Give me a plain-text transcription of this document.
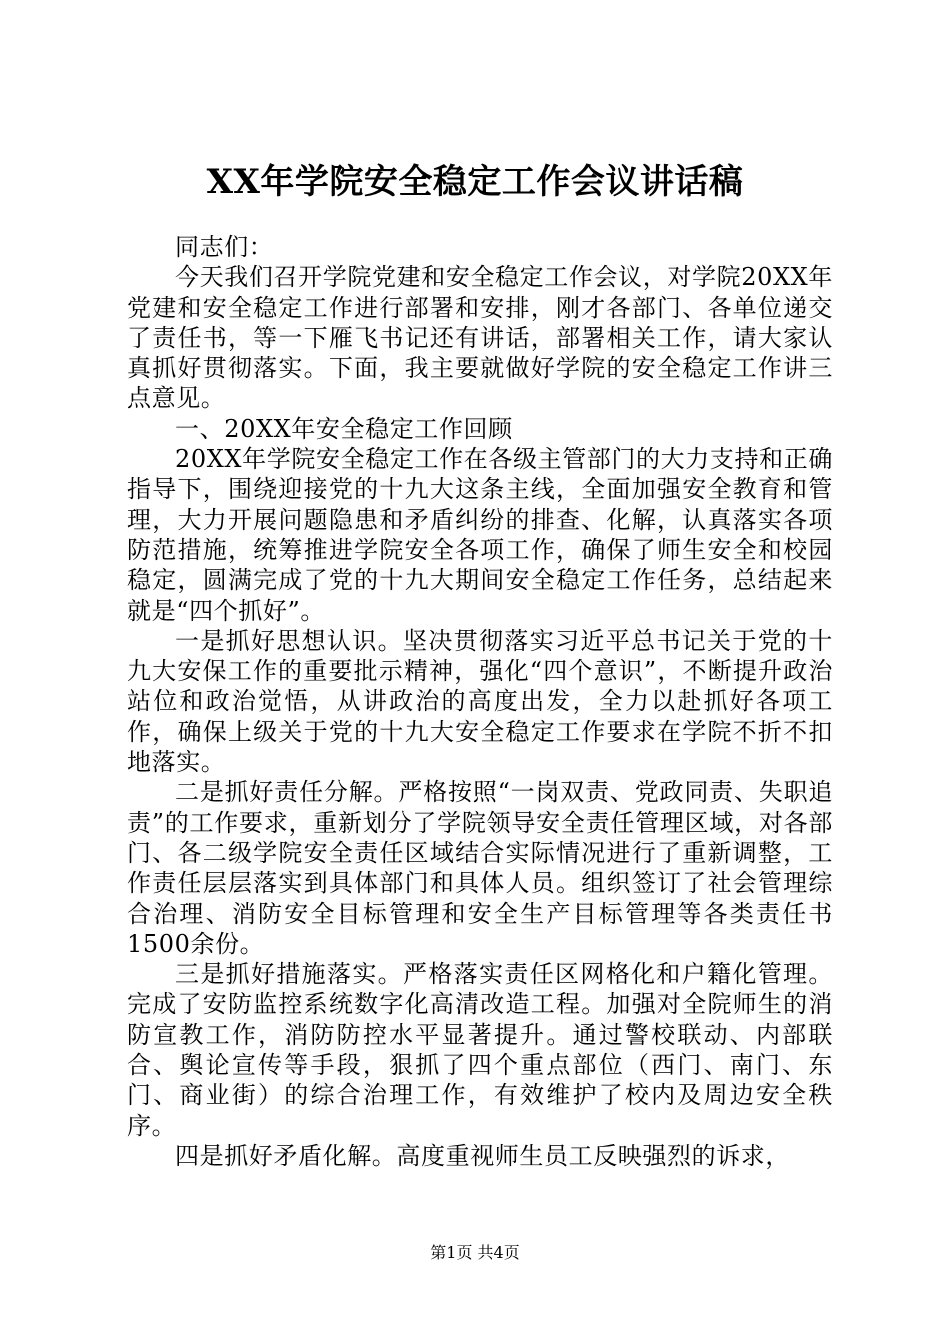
XX年学院安全稳定工作会议讲话稿

同志们：

今天我们召开学院党建和安全稳定工作会议，对学院20XX年党建和安全稳定工作进行部署和安排，刚才各部门、各单位递交了责任书，等一下雁飞书记还有讲话，部署相关工作，请大家认真抓好贯彻落实。下面，我主要就做好学院的安全稳定工作讲三点意见。

一、20XX年安全稳定工作回顾

20XX年学院安全稳定工作在各级主管部门的大力支持和正确指导下，围绕迎接党的十九大这条主线，全面加强安全教育和管理，大力开展问题隐患和矛盾纠纷的排查、化解，认真落实各项防范措施，统筹推进学院安全各项工作，确保了师生安全和校园稳定，圆满完成了党的十九大期间安全稳定工作任务，总结起来就是“四个抓好”。

一是抓好思想认识。坚决贯彻落实习近平总书记关于党的十九大安保工作的重要批示精神，强化“四个意识”，不断提升政治站位和政治觉悟，从讲政治的高度出发，全力以赴抓好各项工作，确保上级关于党的十九大安全稳定工作要求在学院不折不扣地落实。

二是抓好责任分解。严格按照“一岗双责、党政同责、失职追责”的工作要求，重新划分了学院领导安全责任管理区域，对各部门、各二级学院安全责任区域结合实际情况进行了重新调整，工作责任层层落实到具体部门和具体人员。组织签订了社会管理综合治理、消防安全目标管理和安全生产目标管理等各类责任书1500余份。

三是抓好措施落实。严格落实责任区网格化和户籍化管理。完成了安防监控系统数字化高清改造工程。加强对全院师生的消防宣教工作，消防防控水平显著提升。通过警校联动、内部联合、舆论宣传等手段，狠抓了四个重点部位（西门、南门、东门、商业街）的综合治理工作，有效维护了校内及周边安全秩序。

四是抓好矛盾化解。高度重视师生员工反映强烈的诉求，

第1页 共4页
